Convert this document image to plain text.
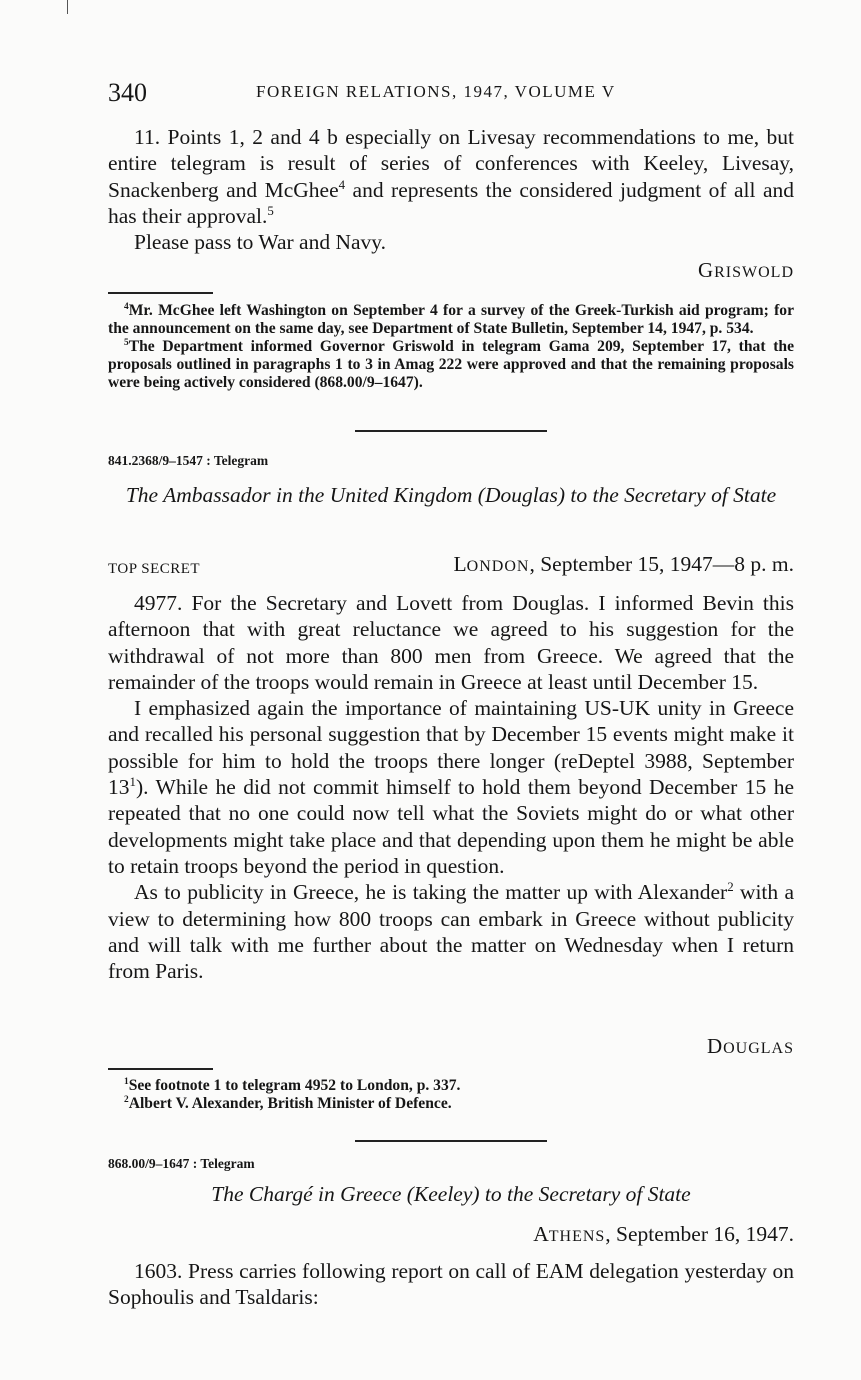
340	FOREIGN RELATIONS, 1947, VOLUME V

11. Points 1, 2 and 4 b especially on Livesay recommendations to me, but entire telegram is result of series of conferences with Keeley, Livesay, Snackenberg and McGhee$^4$ and represents the considered judgment of all and has their approval.$^5$

Please pass to War and Navy.

GRISWOLD

$^4$Mr. McGhee left Washington on September 4 for a survey of the Greek-Turkish aid program; for the announcement on the same day, see Department of State Bulletin, September 14, 1947, p. 534.

$^5$The Department informed Governor Griswold in telegram Gama 209, September 17, that the proposals outlined in paragraphs 1 to 3 in Amag 222 were approved and that the remaining proposals were being actively considered (868.00/9–1647).

841.2368/9–1547 : Telegram
The Ambassador in the United Kingdom (Douglas) to the Secretary of State
TOP SECRET	LONDON, September 15, 1947—8 p. m.

4977. For the Secretary and Lovett from Douglas. I informed Bevin this afternoon that with great reluctance we agreed to his suggestion for the withdrawal of not more than 800 men from Greece. We agreed that the remainder of the troops would remain in Greece at least until December 15.

I emphasized again the importance of maintaining US-UK unity in Greece and recalled his personal suggestion that by December 15 events might make it possible for him to hold the troops there longer (reDeptel 3988, September $13^1$). While he did not commit himself to hold them beyond December 15 he repeated that no one could now tell what the Soviets might do or what other developments might take place and that depending upon them he might be able to retain troops beyond the period in question.

As to publicity in Greece, he is taking the matter up with Alexander$^2$ with a view to determining how 800 troops can embark in Greece without publicity and will talk with me further about the matter on Wednesday when I return from Paris.

DOUGLAS

$^1$See footnote 1 to telegram 4952 to London, p. 337.

$^2$Albert V. Alexander, British Minister of Defence.

868.00/9–1647 : Telegram
The Chargé in Greece (Keeley) to the Secretary of State
ATHENS, September 16, 1947.

1603. Press carries following report on call of EAM delegation yesterday on Sophoulis and Tsaldaris:
